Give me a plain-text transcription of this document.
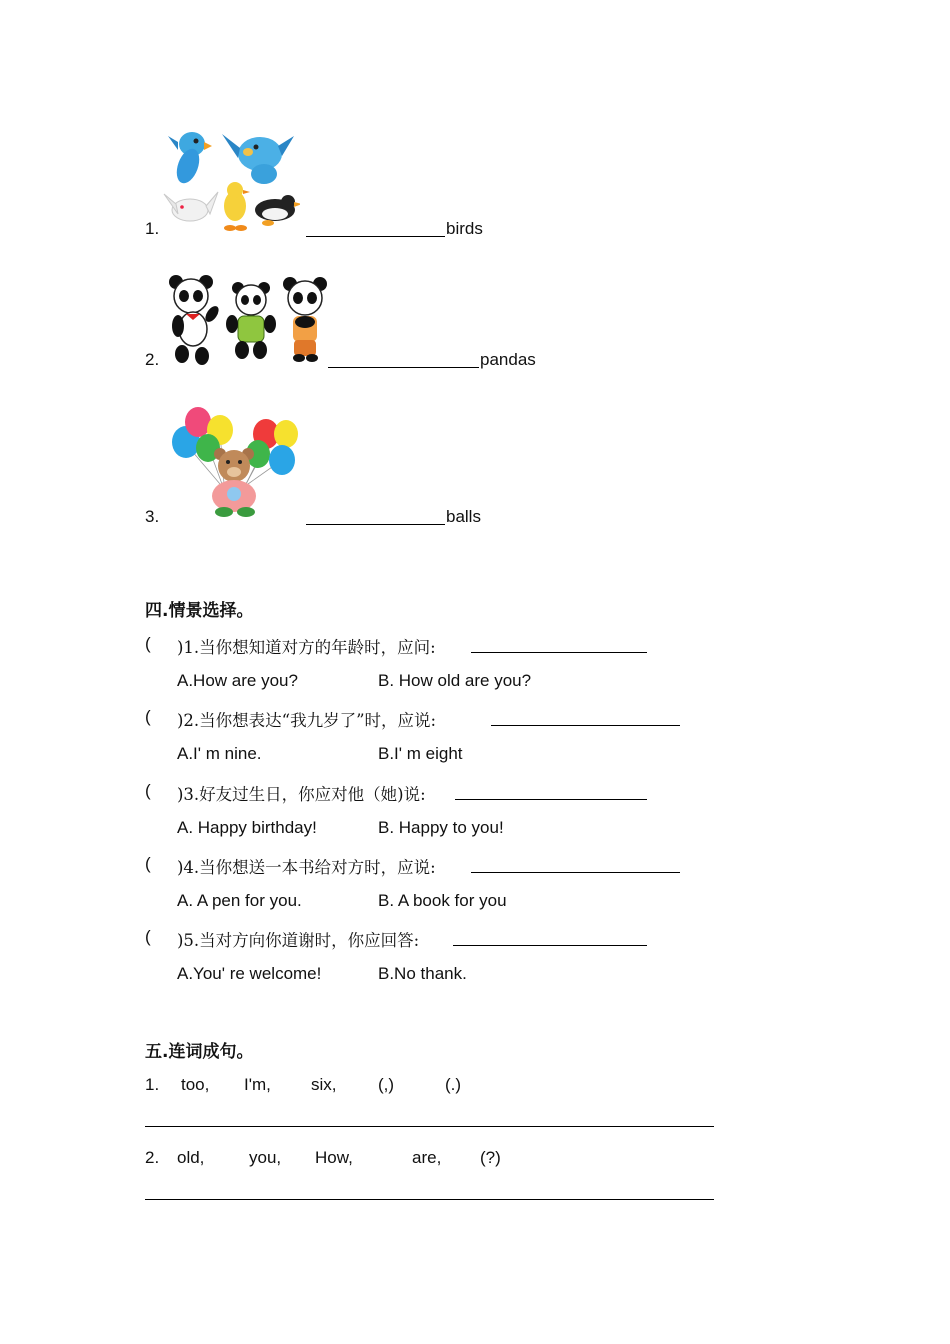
1.	birds
2.	pandas
3.	balls
四.情景选择。
( )1.当你想知道对方的年龄时，应问:
A.How are you?	B. How old are you?
( )2.当你想表达“我九岁了”时，应说:
A.I' m nine.	B.I' m eight
( )3.好友过生日，你应对他（她)说:
A. Happy birthday!	B. Happy to you!
( )4.当你想送一本书给对方时，应说:
A. A pen for you.	B. A book for you
( )5.当对方向你道谢时，你应回答:
A.You' re welcome!	B.No thank.
五.连词成句。
1. too, I'm, six, (,)	(.)
2. old,	you, How,	are, (?)
